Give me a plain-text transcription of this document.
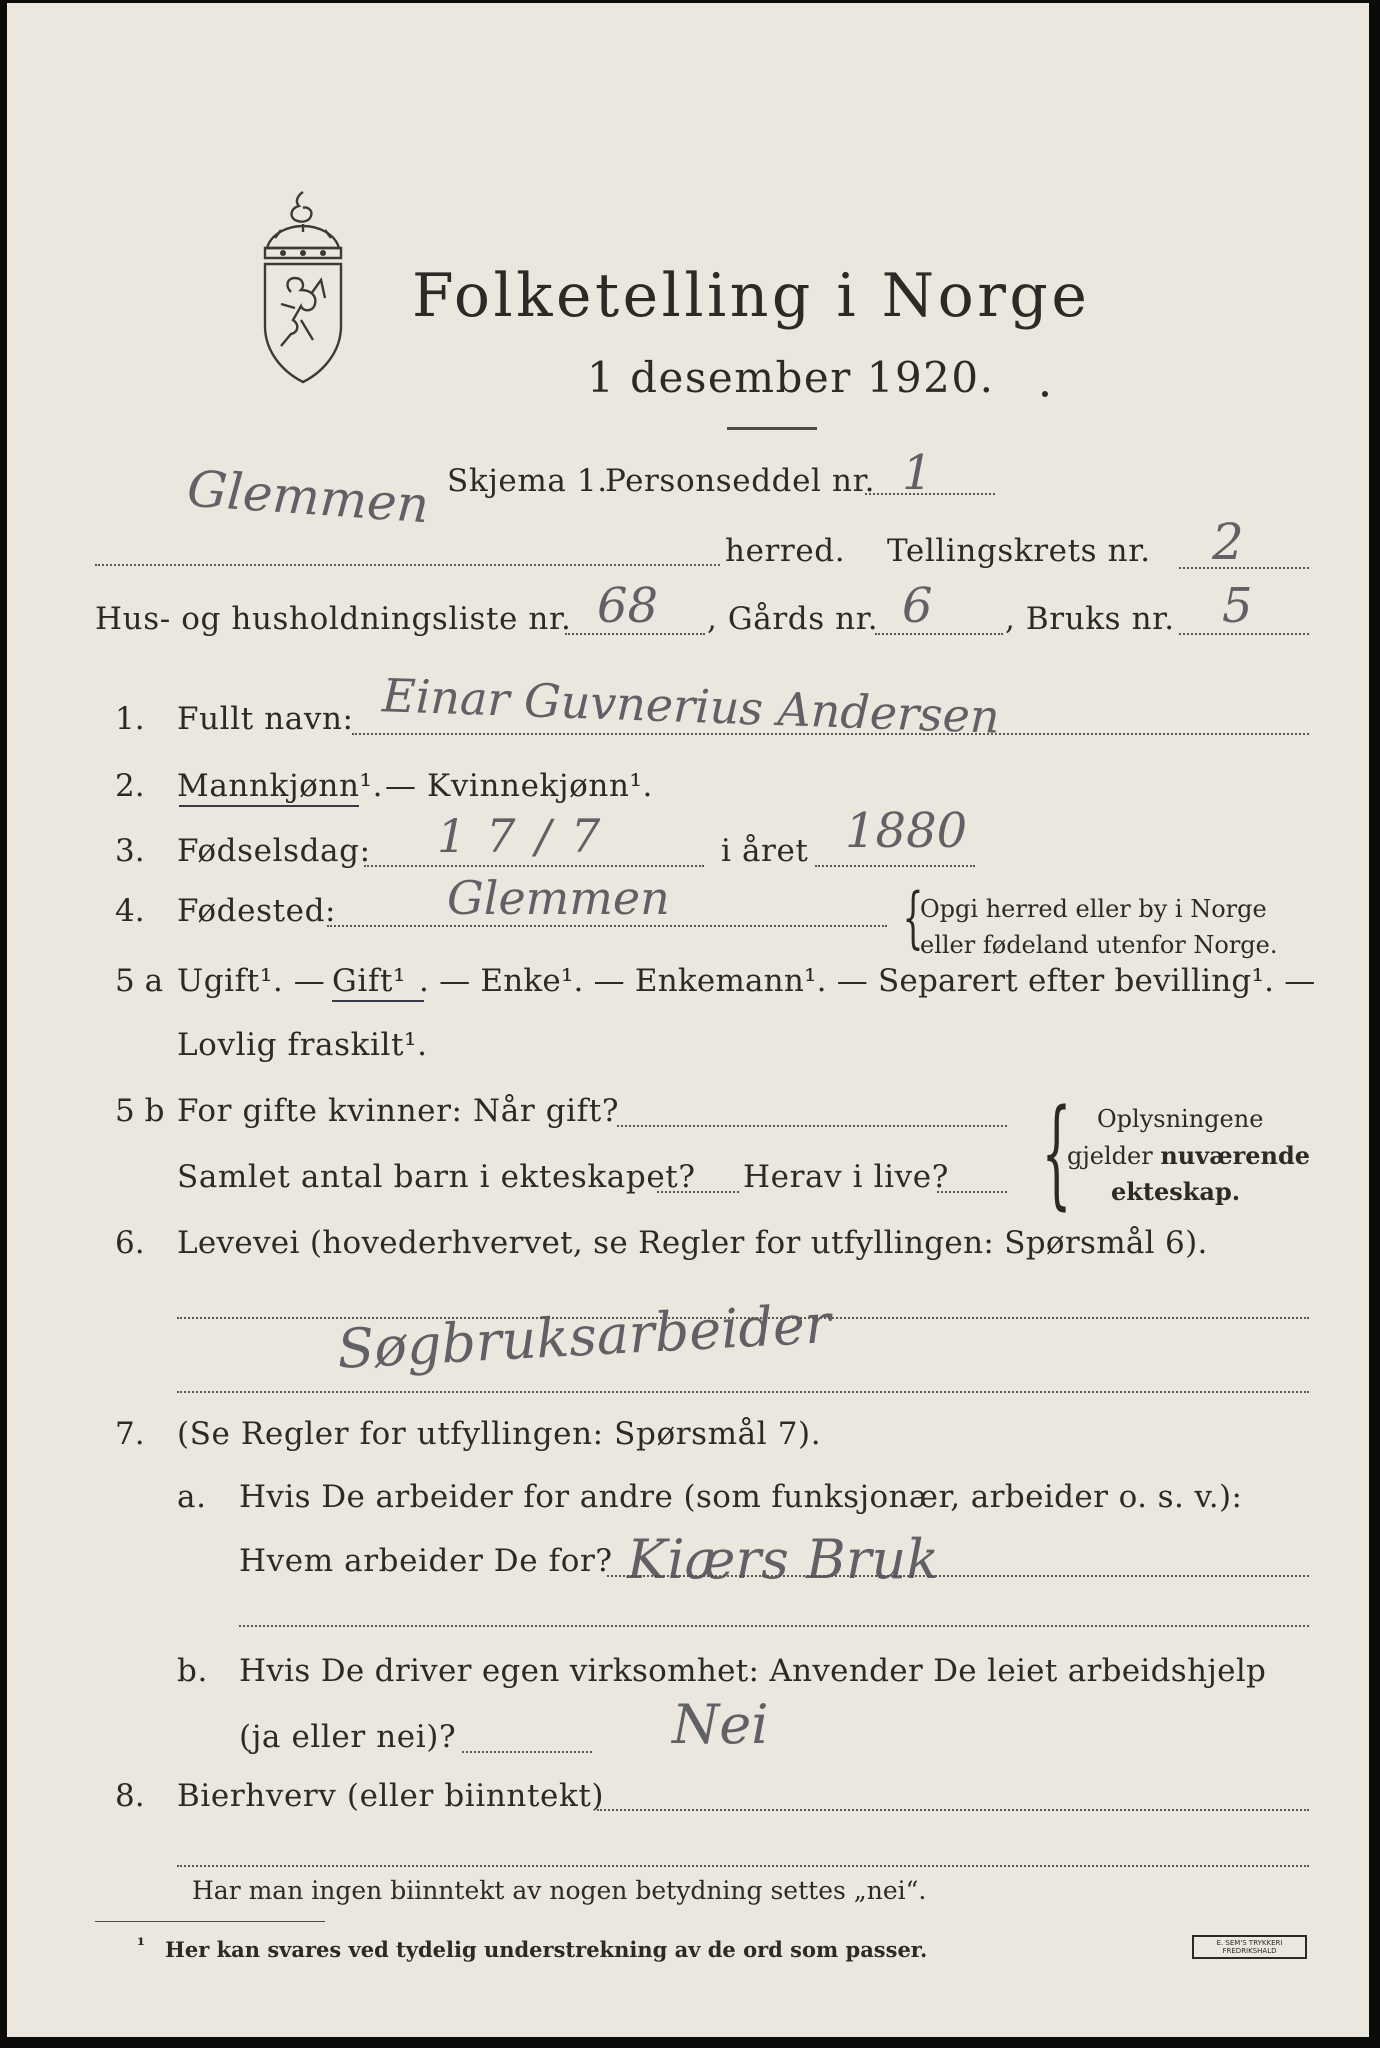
Folketelling i Norge
1 desember 1920.
Skjema 1.
Personseddel nr. 1
Glemmen
herred. Tellingskrets nr. 2
Hus- og husholdningsliste nr. 68 , Gårds nr. 6 , Bruks nr. 5
1. Fullt navn: Einar Guvnerius Andersen
2. Mannkjønn¹. — Kvinnekjønn¹.
3. Fødselsdag: 17/7	i året 1880
4. Fødested: Glemmen	{
Opgi herred eller by i Norge
eller fødeland utenfor Norge.
5 a Ugift¹. — Gift¹ . — Enke¹. — Enkemann¹. — Separert efter bevilling¹. —
Lovlig fraskilt¹.
5 b For gifte kvinner: Når gift?
Samlet antal barn i ekteskapet? Herav i live? { Oplysningene
gjelder nuværende
ekteskap.
6. Levevei (hovederhvervet, se Regler for utfyllingen: Spørsmål 6).
Søgbruksarbeider
7. (Se Regler for utfyllingen: Spørsmål 7).
a. Hvis De arbeider for andre (som funksjonær, arbeider o. s. v.):
Hvem arbeider De for? Kiærs Bruk
b. Hvis De driver egen virksomhet: Anvender De leiet arbeidshjelp
(ja eller nei)?	Nei
8. Bierhverv (eller biinntekt)
Har man ingen biinntekt av nogen betydning settes „nei“.
¹ Her kan svares ved tydelig understrekning av de ord som passer.	E. SEM'S TRYKKERI FREDRIKSHALD
